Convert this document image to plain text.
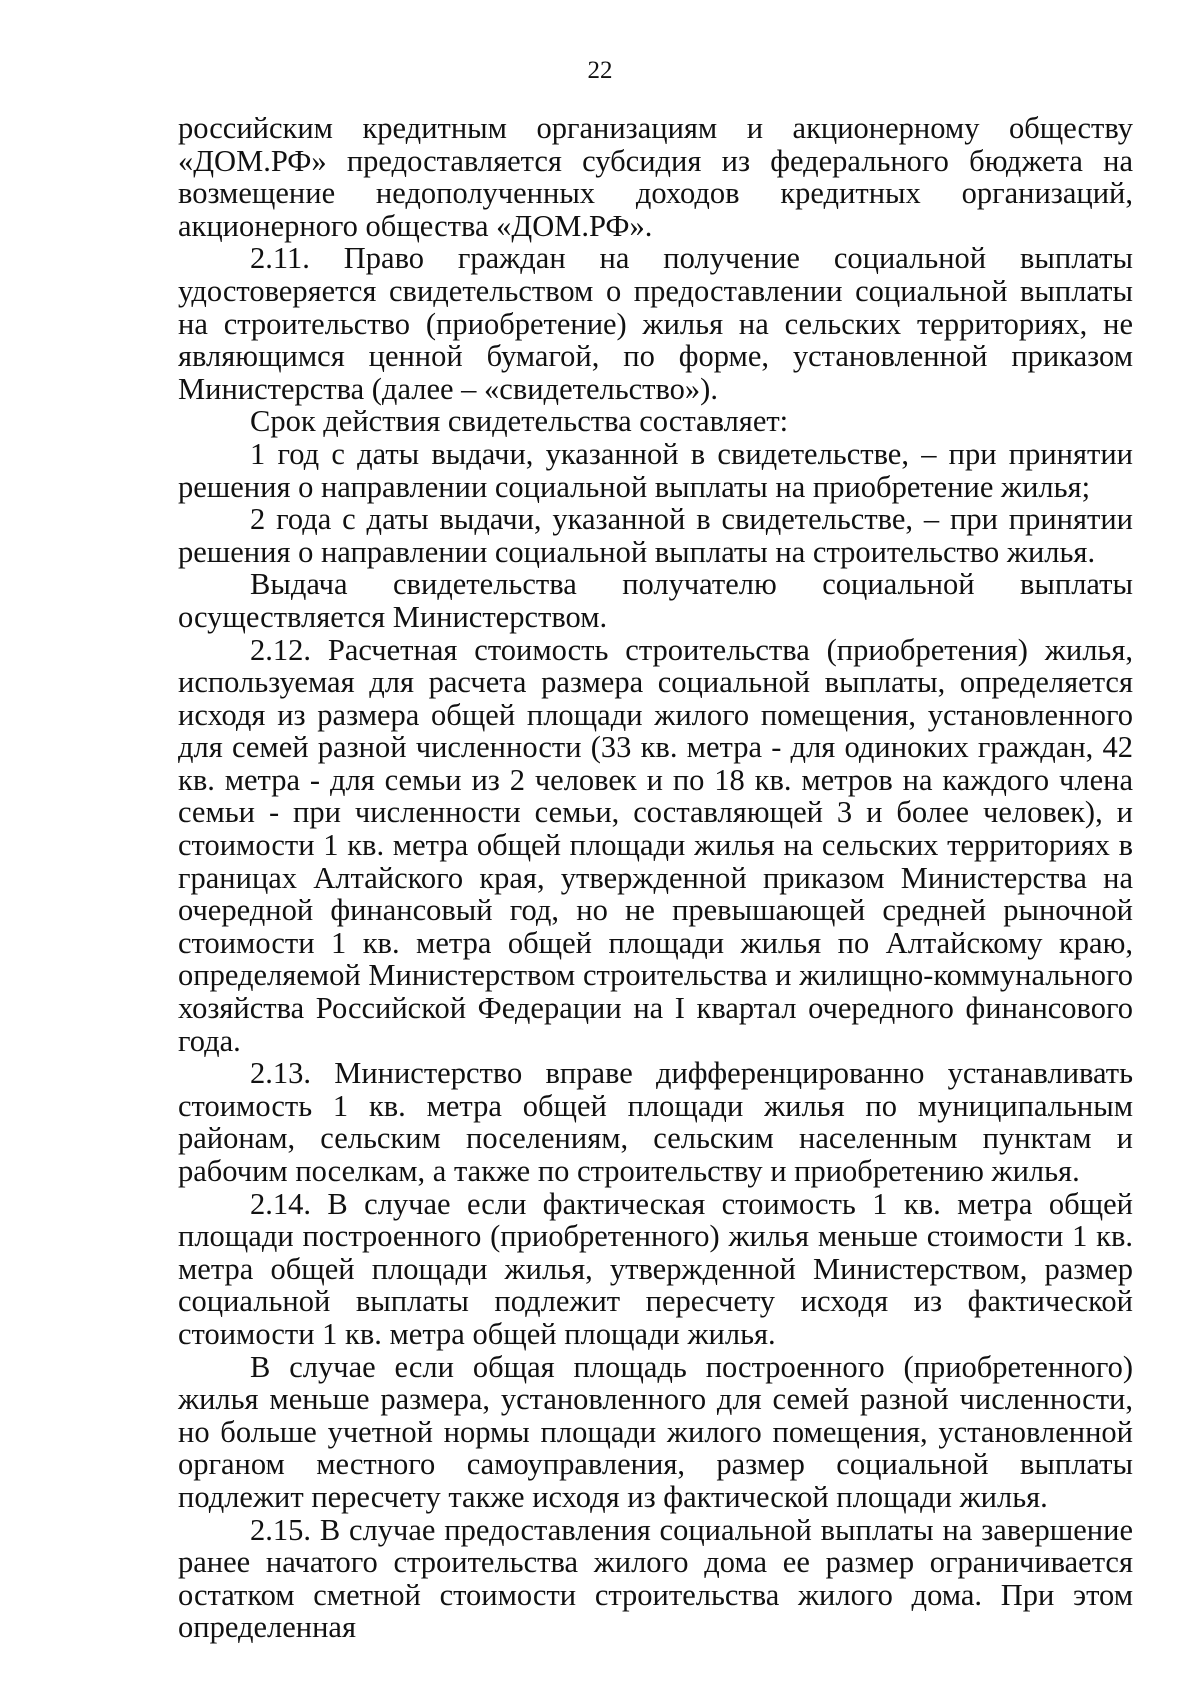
22

российским кредитным организациям и акционерному обществу «ДОМ.РФ» предоставляется субсидия из федерального бюджета на возмещение недополученных доходов кредитных организаций, акционерного общества «ДОМ.РФ».

2.11. Право граждан на получение социальной выплаты удостоверяется свидетельством о предоставлении социальной выплаты на строительство (приобретение) жилья на сельских территориях, не являющимся ценной бумагой, по форме, установленной приказом Министерства (далее – «свидетельство»).

Срок действия свидетельства составляет:

1 год с даты выдачи, указанной в свидетельстве, – при принятии решения о направлении социальной выплаты на приобретение жилья;

2 года с даты выдачи, указанной в свидетельстве, – при принятии решения о направлении социальной выплаты на строительство жилья.

Выдача свидетельства получателю социальной выплаты осуществляется Министерством.

2.12. Расчетная стоимость строительства (приобретения) жилья, используемая для расчета размера социальной выплаты, определяется исходя из размера общей площади жилого помещения, установленного для семей разной численности (33 кв. метра - для одиноких граждан, 42 кв. метра - для семьи из 2 человек и по 18 кв. метров на каждого члена семьи - при численности семьи, составляющей 3 и более человек), и стоимости 1 кв. метра общей площади жилья на сельских территориях в границах Алтайского края, утвержденной приказом Министерства на очередной финансовый год, но не превышающей средней рыночной стоимости 1 кв. метра общей площади жилья по Алтайскому краю, определяемой Министерством строительства и жилищно-коммунального хозяйства Российской Федерации на I квартал очередного финансового года.

2.13. Министерство вправе дифференцированно устанавливать стоимость 1 кв. метра общей площади жилья по муниципальным районам, сельским поселениям, сельским населенным пунктам и рабочим поселкам, а также по строительству и приобретению жилья.

2.14. В случае если фактическая стоимость 1 кв. метра общей площади построенного (приобретенного) жилья меньше стоимости 1 кв. метра общей площади жилья, утвержденной Министерством, размер социальной выплаты подлежит пересчету исходя из фактической стоимости 1 кв. метра общей площади жилья.

В случае если общая площадь построенного (приобретенного) жилья меньше размера, установленного для семей разной численности, но больше учетной нормы площади жилого помещения, установленной органом местного самоуправления, размер социальной выплаты подлежит пересчету также исходя из фактической площади жилья.

2.15. В случае предоставления социальной выплаты на завершение ранее начатого строительства жилого дома ее размер ограничивается остатком сметной стоимости строительства жилого дома. При этом определенная
